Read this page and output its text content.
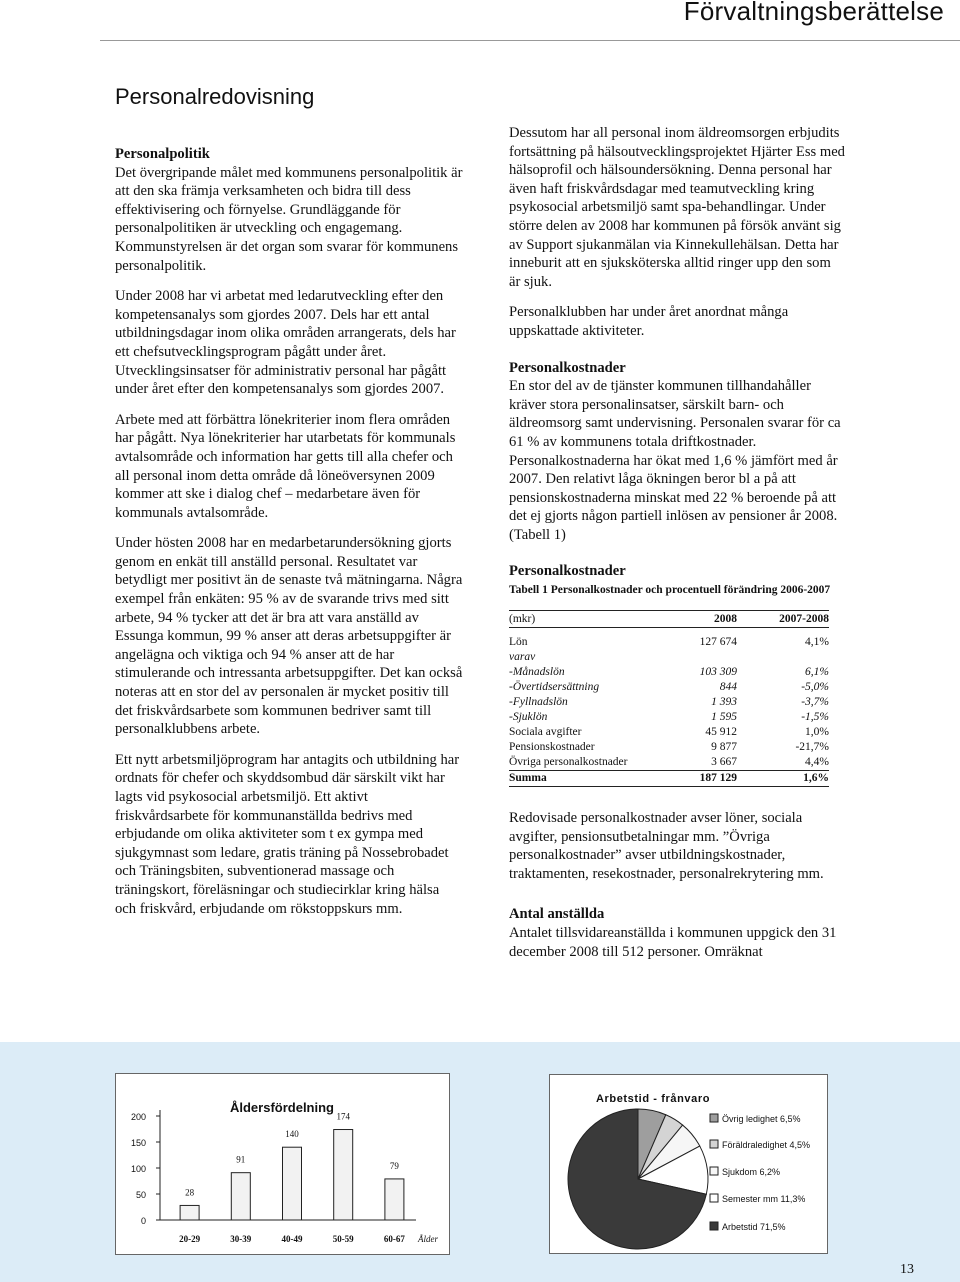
Förvaltningsberättelse
Personalredovisning

Personalpolitik
Det övergripande målet med kommunens personalpolitik är att den ska främja verksamheten och bidra till dess effektivisering och förnyelse. Grundläggande för personalpolitiken är utveckling och engagemang. Kommunstyrelsen är det organ som svarar för kommunens personalpolitik.

Under 2008 har vi arbetat med ledarutveckling efter den kompetensanalys som gjordes 2007. Dels har ett antal utbildningsdagar inom olika områden arrangerats, dels har ett chefsutvecklingsprogram pågått under året. Utvecklingsinsatser för administrativ personal har pågått under året efter den kompetensanalys som gjordes 2007.

Arbete med att förbättra lönekriterier inom flera områden har pågått. Nya lönekriterier har utarbetats för kommunals avtalsområde och information har getts till alla chefer och all personal inom detta område då löneöversynen 2009 kommer att ske i dialog chef – medarbetare även för kommunals avtalsområde.

Under hösten 2008 har en medarbetarundersökning gjorts genom en enkät till anställd personal. Resultatet var betydligt mer positivt än de senaste två mätningarna. Några exempel från enkäten: 95 % av de svarande trivs med sitt arbete, 94 % tycker att det är bra att vara anställd av Essunga kommun, 99 % anser att deras arbetsuppgifter är angelägna och viktiga och 94 % anser att de har stimulerande och intressanta arbetsuppgifter. Det kan också noteras att en stor del av personalen är mycket positiv till det friskvårdsarbete som kommunen bedriver samt till personalklubbens arbete.

Ett nytt arbetsmiljöprogram har antagits och utbildning har ordnats för chefer och skyddsombud där särskilt vikt har lagts vid psykosocial arbetsmiljö. Ett aktivt friskvårdsarbete för kommunanställda bedrivs med erbjudande om olika aktiviteter som t ex gympa med sjukgymnast som ledare, gratis träning på Nossebrobadet och Träningsbiten, subventionerad massage och träningskort, föreläsningar och studiecirklar kring hälsa och friskvård, erbjudande om rökstoppskurs mm.

Dessutom har all personal inom äldreomsorgen erbjudits fortsättning på hälsoutvecklingsprojektet Hjärter Ess med hälsoprofil och hälsoundersökning. Denna personal har även haft friskvårdsdagar med teamutveckling kring psykosocial arbetsmiljö samt spa-behandlingar. Under större delen av 2008 har kommunen på försök använt sig av Support sjukanmälan via Kinnekullehälsan. Detta har inneburit att en sjuksköterska alltid ringer upp den som är sjuk.

Personalklubben har under året anordnat många uppskattade aktiviteter.

Personalkostnader
En stor del av de tjänster kommunen tillhandahåller kräver stora personalinsatser, särskilt barn- och äldreomsorg samt undervisning. Personalen svarar för ca 61 % av kommunens totala driftkostnader. Personalkostnaderna har ökat med 1,6 % jämfört med år 2007. Den relativt låga ökningen beror bl a på att pensionskostnaderna minskat med 22 % beroende på att det ej gjorts någon partiell inlösen av pensioner år 2008.(Tabell 1)

Personalkostnader
Tabell 1 Personalkostnader och procentuell förändring 2006-2007
(mkr)	2008	2007-2008

Lön	127 674	4,1%
varav		
-Månadslön	103 309	6,1%
-Övertidsersättning	844	-5,0%
-Fyllnadslön	1 393	-3,7%
-Sjuklön	1 595	-1,5%
Sociala avgifter	45 912	1,0%
Pensionskostnader	9 877	-21,7%
Övriga personalkostnader	3 667	4,4%
Summa	187 129	1,6%

Redovisade personalkostnader avser löner, sociala avgifter, pensionsutbetalningar mm. ”Övriga personalkostnader” avser utbildningskostnader, traktamenten, resekostnader, personalrekrytering mm.

Antal anställda
Antalet tillsvidareanställda i kommunen uppgick den 31 december 2008 till 512 personer. Omräknat

Åldersfördelning
0
50
100
150
200
28
20-29
91
30-39
140
40-49
174
50-59
79
60-67 Ålder
Arbetstid - frånvaro
Övrig ledighet 6,5%
Föräldraledighet 4,5%
Sjukdom 6,2%
Semester mm 11,3%
Arbetstid 71,5%
13
